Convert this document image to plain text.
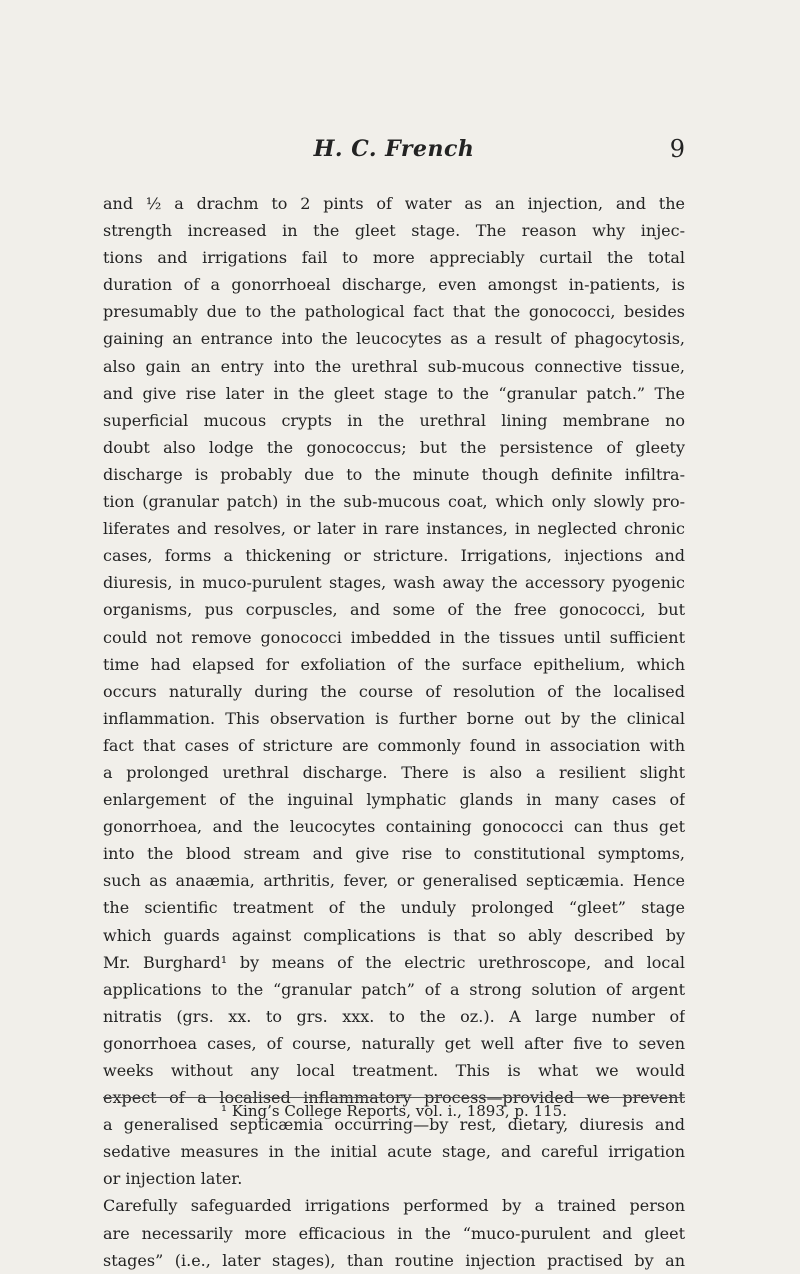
H. C. French	9
and ½ a drachm to 2 pints of water as an injection, and the
strength increased in the gleet stage. The reason why injec-
tions and irrigations fail to more appreciably curtail the total
duration of a gonorrhoeal discharge, even amongst in-patients, is
presumably due to the pathological fact that the gonococci, besides
gaining an entrance into the leucocytes as a result of phagocytosis,
also gain an entry into the urethral sub-mucous connective tissue,
and give rise later in the gleet stage to the “granular patch.” The
superficial mucous crypts in the urethral lining membrane no
doubt also lodge the gonococcus; but the persistence of gleety
discharge is probably due to the minute though definite infiltra-
tion (granular patch) in the sub-mucous coat, which only slowly pro-
liferates and resolves, or later in rare instances, in neglected chronic
cases, forms a thickening or stricture. Irrigations, injections and
diuresis, in muco-purulent stages, wash away the accessory pyogenic
organisms, pus corpuscles, and some of the free gonococci, but
could not remove gonococci imbedded in the tissues until sufficient
time had elapsed for exfoliation of the surface epithelium, which
occurs naturally during the course of resolution of the localised
inflammation. This observation is further borne out by the clinical
fact that cases of stricture are commonly found in association with
a prolonged urethral discharge. There is also a resilient slight
enlargement of the inguinal lymphatic glands in many cases of
gonorrhoea, and the leucocytes containing gonococci can thus get
into the blood stream and give rise to constitutional symptoms,
such as anaæmia, arthritis, fever, or generalised septicæmia. Hence
the scientific treatment of the unduly prolonged “gleet” stage
which guards against complications is that so ably described by
Mr. Burghard¹ by means of the electric urethroscope, and local
applications to the “granular patch” of a strong solution of argent
nitratis (grs. xx. to grs. xxx. to the oz.). A large number of
gonorrhoea cases, of course, naturally get well after five to seven
weeks without any local treatment. This is what we would
expect of a localised inflammatory process—provided we prevent
a generalised septicæmia occurring—by rest, dietary, diuresis and
sedative measures in the initial acute stage, and careful irrigation
or injection later.
Carefully safeguarded irrigations performed by a trained person
are necessarily more efficacious in the “muco-purulent and gleet
stages” (i.e., later stages), than routine injection practised by an
¹ King’s College Reports, vol. i., 1893, p. 115.
